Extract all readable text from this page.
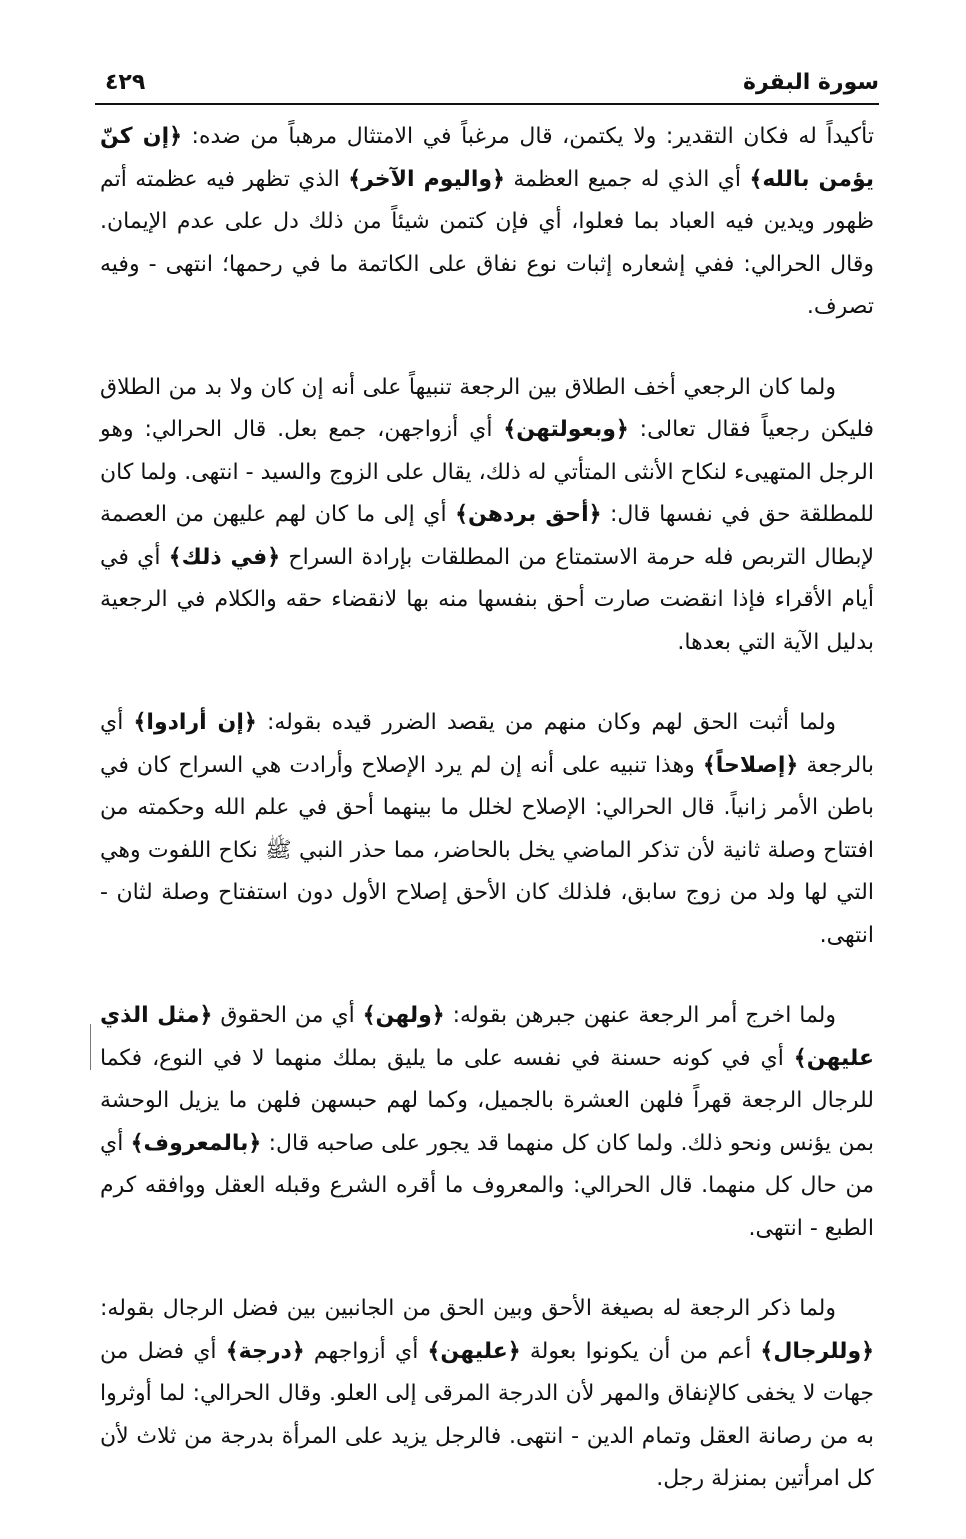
٤٢٩	سورة البقرة

تأكيداً له فكان التقدير: ولا يكتمن، قال مرغباً في الامتثال مرهباً من ضده: ﴿إن كنّ يؤمن بالله﴾ أي الذي له جميع العظمة ﴿واليوم الآخر﴾ الذي تظهر فيه عظمته أتم ظهور ويدين فيه العباد بما فعلوا، أي فإن كتمن شيئاً من ذلك دل على عدم الإيمان. وقال الحرالي: ففي إشعاره إثبات نوع نفاق على الكاتمة ما في رحمها؛ انتهى - وفيه تصرف.

ولما كان الرجعي أخف الطلاق بين الرجعة تنبيهاً على أنه إن كان ولا بد من الطلاق فليكن رجعياً فقال تعالى: ﴿وبعولتهن﴾ أي أزواجهن، جمع بعل. قال الحرالي: وهو الرجل المتهيىء لنكاح الأنثى المتأتي له ذلك، يقال على الزوج والسيد - انتهى. ولما كان للمطلقة حق في نفسها قال: ﴿أحق بردهن﴾ أي إلى ما كان لهم عليهن من العصمة لإبطال التربص فله حرمة الاستمتاع من المطلقات بإرادة السراح ﴿في ذلك﴾ أي في أيام الأقراء فإذا انقضت صارت أحق بنفسها منه بها لانقضاء حقه والكلام في الرجعية بدليل الآية التي بعدها.

ولما أثبت الحق لهم وكان منهم من يقصد الضرر قيده بقوله: ﴿إن أرادوا﴾ أي بالرجعة ﴿إصلاحاً﴾ وهذا تنبيه على أنه إن لم يرد الإصلاح وأرادت هي السراح كان في باطن الأمر زانياً. قال الحرالي: الإصلاح لخلل ما بينهما أحق في علم الله وحكمته من افتتاح وصلة ثانية لأن تذكر الماضي يخل بالحاضر، مما حذر النبي ﷺ نكاح اللفوت وهي التي لها ولد من زوج سابق، فلذلك كان الأحق إصلاح الأول دون استفتاح وصلة لثان - انتهى.

ولما اخرج أمر الرجعة عنهن جبرهن بقوله: ﴿ولهن﴾ أي من الحقوق ﴿مثل الذي عليهن﴾ أي في كونه حسنة في نفسه على ما يليق بملك منهما لا في النوع، فكما للرجال الرجعة قهراً فلهن العشرة بالجميل، وكما لهم حبسهن فلهن ما يزيل الوحشة بمن يؤنس ونحو ذلك. ولما كان كل منهما قد يجور على صاحبه قال: ﴿بالمعروف﴾ أي من حال كل منهما. قال الحرالي: والمعروف ما أقره الشرع وقبله العقل ووافقه كرم الطبع - انتهى.

ولما ذكر الرجعة له بصيغة الأحق وبين الحق من الجانبين بين فضل الرجال بقوله: ﴿وللرجال﴾ أعم من أن يكونوا بعولة ﴿عليهن﴾ أي أزواجهم ﴿درجة﴾ أي فضل من جهات لا يخفى كالإنفاق والمهر لأن الدرجة المرقى إلى العلو. وقال الحرالي: لما أوثروا به من رصانة العقل وتمام الدين - انتهى. فالرجل يزيد على المرأة بدرجة من ثلاث لأن كل امرأتين بمنزلة رجل.
